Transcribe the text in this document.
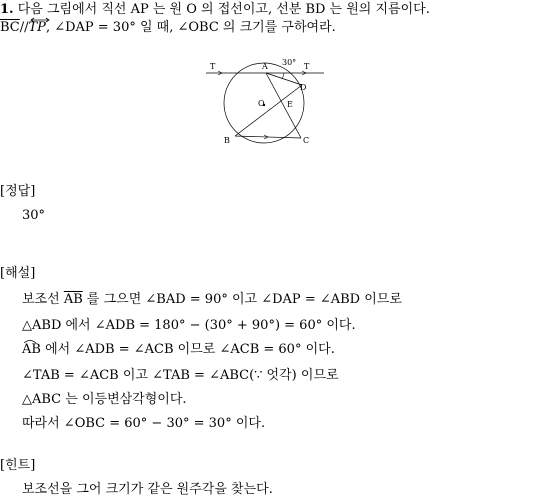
1. 다음 그림에서 직선 AP 는 원 O 의 접선이고, 선분 BD 는 원의 지름이다.
$\overline{BC}//$
TP, ∠DAP = 30° 일 때, ∠OBC 의 크기를 구하여라.
T	A 30° T
D
O	E
B	C
[정답]
30°
[해설]
보조선 $\overline{AB}$ 를 그으면 ∠BAD = 90° 이고 ∠DAP = ∠ABD 이므로
△ABD 에서 ∠ADB = 180° − (30° + 90°) = 60° 이다.
AB 에서 ∠ADB = ∠ACB 이므로 ∠ACB = 60° 이다.
∠TAB = ∠ACB 이고 ∠TAB = ∠ABC(∵ 엇각) 이므로
△ABC 는 이등변삼각형이다.
따라서 ∠OBC = 60° − 30° = 30° 이다.
[힌트]
보조선을 그어 크기가 같은 원주각을 찾는다.
